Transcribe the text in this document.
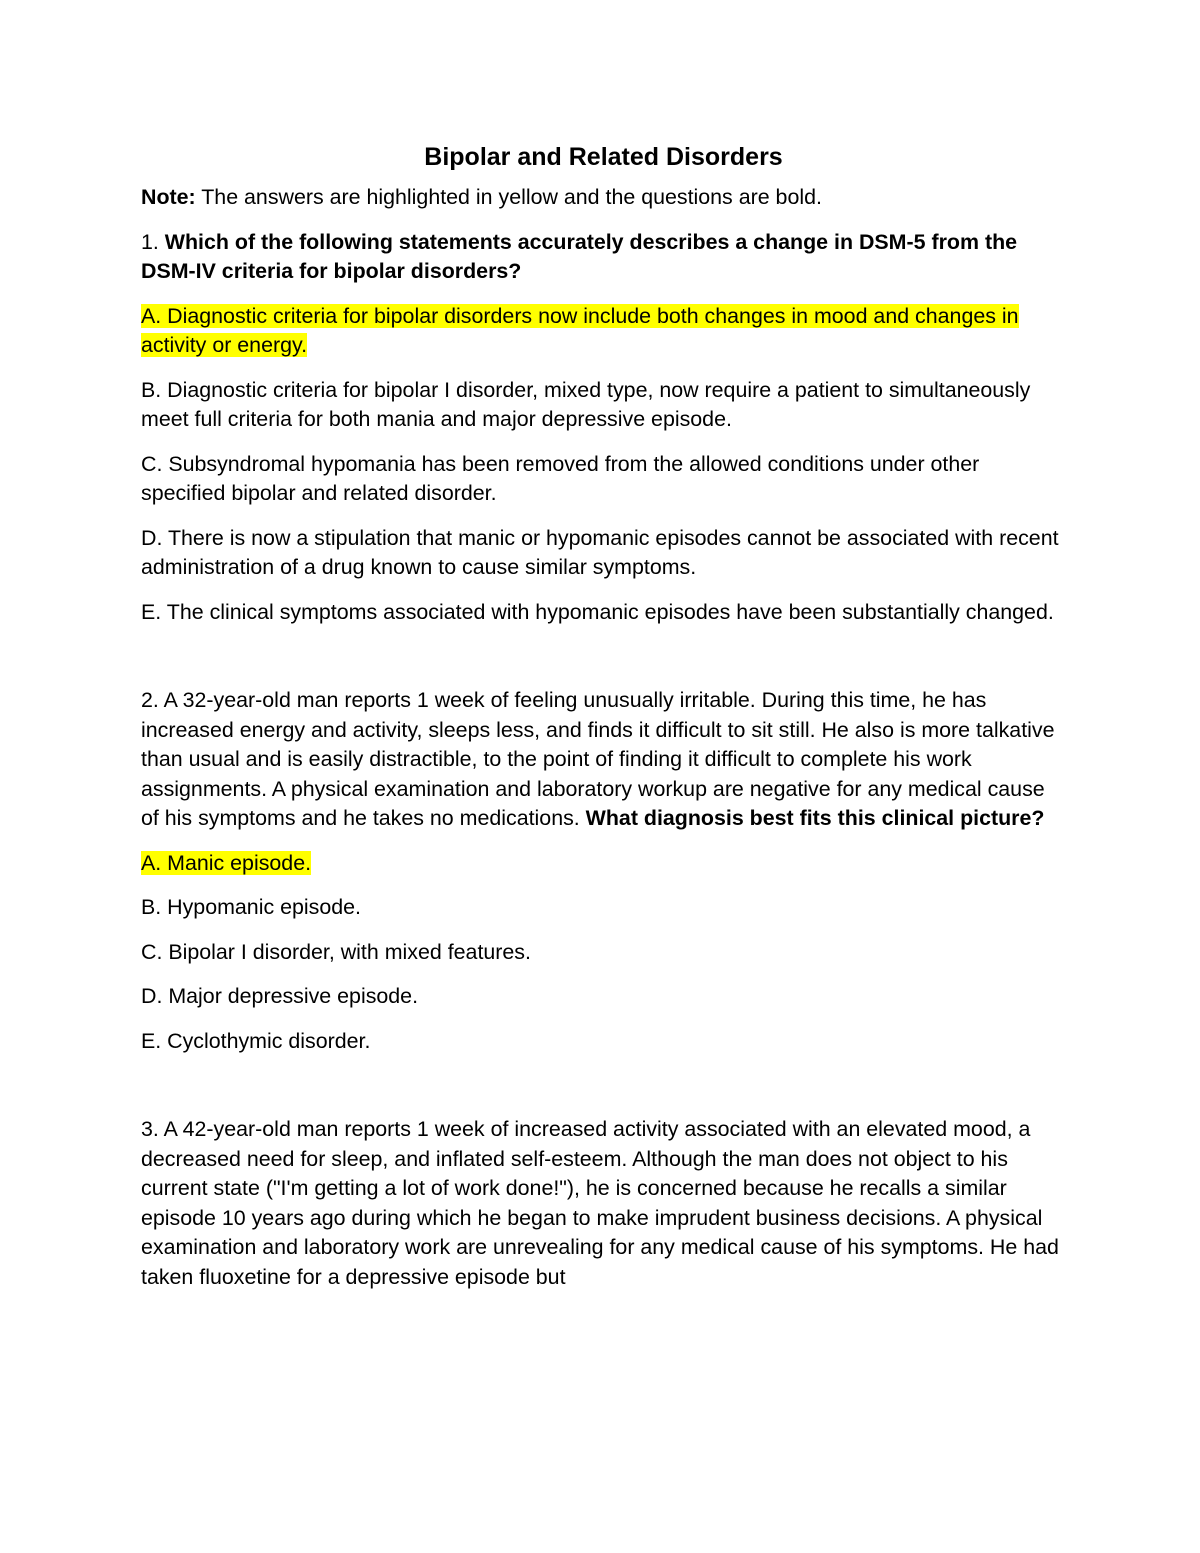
Bipolar and Related Disorders

Note: The answers are highlighted in yellow and the questions are bold.

1. Which of the following statements accurately describes a change in DSM-5 from the DSM-IV criteria for bipolar disorders?

A. Diagnostic criteria for bipolar disorders now include both changes in mood and changes in activity or energy.

B. Diagnostic criteria for bipolar I disorder, mixed type, now require a patient to simultaneously meet full criteria for both mania and major depressive episode.

C. Subsyndromal hypomania has been removed from the allowed conditions under other specified bipolar and related disorder.

D. There is now a stipulation that manic or hypomanic episodes cannot be associated with recent administration of a drug known to cause similar symptoms.

E. The clinical symptoms associated with hypomanic episodes have been substantially changed.

2. A 32-year-old man reports 1 week of feeling unusually irritable. During this time, he has increased energy and activity, sleeps less, and finds it difficult to sit still. He also is more talkative than usual and is easily distractible, to the point of finding it difficult to complete his work assignments. A physical examination and laboratory workup are negative for any medical cause of his symptoms and he takes no medications. What diagnosis best fits this clinical picture?

A. Manic episode.

B. Hypomanic episode.

C. Bipolar I disorder, with mixed features.

D. Major depressive episode.

E. Cyclothymic disorder.

3. A 42-year-old man reports 1 week of increased activity associated with an elevated mood, a decreased need for sleep, and inflated self-esteem. Although the man does not object to his current state ("I'm getting a lot of work done!"), he is concerned because he recalls a similar episode 10 years ago during which he began to make imprudent business decisions. A physical examination and laboratory work are unrevealing for any medical cause of his symptoms. He had taken fluoxetine for a depressive episode but
